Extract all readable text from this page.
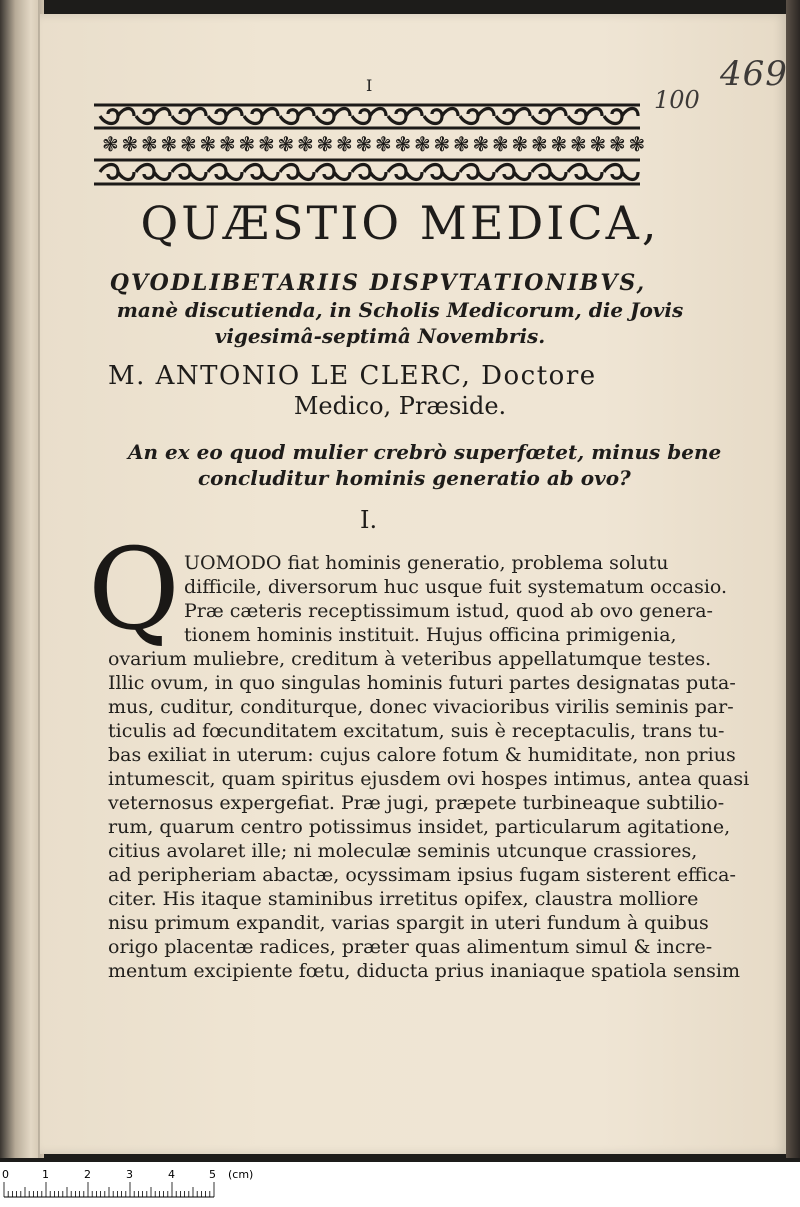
469
100
I
❃ ❃ ❃ ❃ ❃ ❃ ❃ ❃ ❃ ❃ ❃ ❃ ❃ ❃ ❃ ❃ ❃ ❃ ❃ ❃ ❃ ❃ ❃ ❃ ❃ ❃ ❃ ❃
QUÆSTIO MEDICA,
QVODLIBETARIIS DISPVTATIONIBVS,
manè discutienda, in Scholis Medicorum, die Jovis
vigesimâ-septimâ Novembris.
M. ANTONIO LE CLERC, Doctore
Medico, Præside.
An ex eo quod mulier crebrò superfœtet, minus bene
concluditur hominis generatio ab ovo?
I.
Q UOMODO fiat hominis generatio, problema solutu
difficile, diversorum huc usque fuit systematum occasio.
Præ cæteris receptissimum istud, quod ab ovo genera-
tionem hominis instituit. Hujus officina primigenia,
ovarium muliebre, creditum à veteribus appellatumque testes.
Illic ovum, in quo singulas hominis futuri partes designatas puta-
mus, cuditur, conditurque, donec vivacioribus virilis seminis par-
ticulis ad fœcunditatem excitatum, suis è receptaculis, trans tu-
bas exiliat in uterum: cujus calore fotum & humiditate, non prius
intumescit, quam spiritus ejusdem ovi hospes intimus, antea quasi
veternosus expergefiat. Præ jugi, præpete turbineaque subtilio-
rum, quarum centro potissimus insidet, particularum agitatione,
citius avolaret ille; ni moleculæ seminis utcunque crassiores,
ad peripheriam abactæ, ocyssimam ipsius fugam sisterent effica-
citer. His itaque staminibus irretitus opifex, claustra molliore
nisu primum expandit, varias spargit in uteri fundum à quibus
origo placentæ radices, præter quas alimentum simul & incre-
mentum excipiente fœtu, diducta prius inaniaque spatiola sensim
0	1	2	3	4	5 (cm)
